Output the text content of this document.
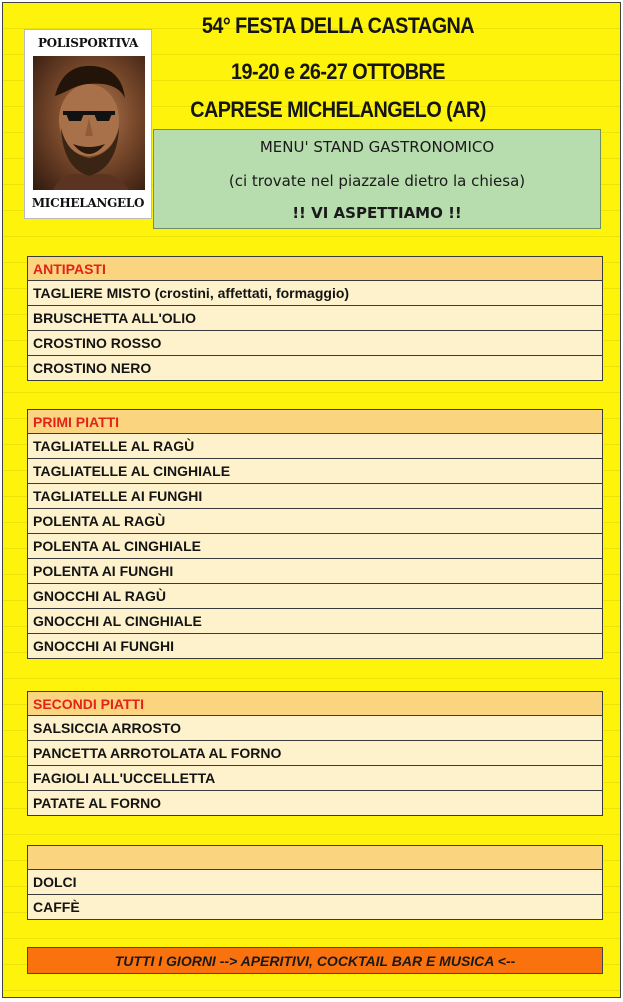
POLISPORTIVA
MICHELANGELO
54° FESTA DELLA CASTAGNA
19-20 e 26-27 OTTOBRE
CAPRESE MICHELANGELO (AR)
MENU' STAND GASTRONOMICO
(ci trovate nel piazzale dietro la chiesa)
!! VI ASPETTIAMO !!
ANTIPASTI
TAGLIERE MISTO (crostini, affettati, formaggio)
BRUSCHETTA ALL'OLIO
CROSTINO ROSSO
CROSTINO NERO
PRIMI PIATTI
TAGLIATELLE AL RAGÙ
TAGLIATELLE AL CINGHIALE
TAGLIATELLE AI FUNGHI
POLENTA AL RAGÙ
POLENTA AL CINGHIALE
POLENTA AI FUNGHI
GNOCCHI AL RAGÙ
GNOCCHI AL CINGHIALE
GNOCCHI AI FUNGHI
SECONDI PIATTI
SALSICCIA ARROSTO
PANCETTA ARROTOLATA AL FORNO
FAGIOLI ALL'UCCELLETTA
PATATE AL FORNO
DOLCI
CAFFÈ
TUTTI I GIORNI --> APERITIVI, COCKTAIL BAR E MUSICA <--
